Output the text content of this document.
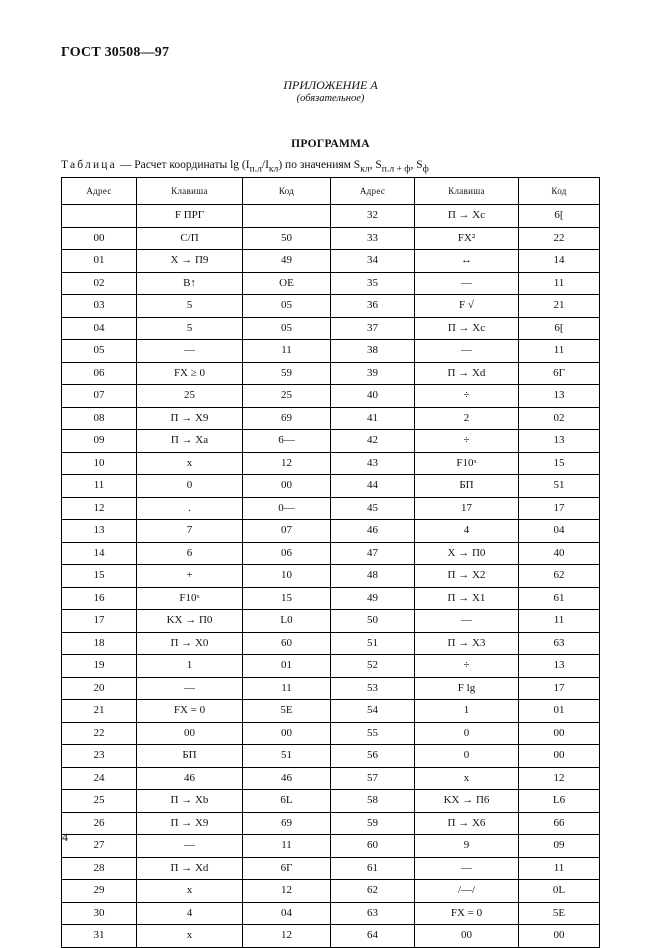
ГОСТ 30508—97
ПРИЛОЖЕНИЕ А
(обязательное)
ПРОГРАММА
Таблица — Расчет координаты $\lg (I_{п.л}/I_{кл})$ по значениям $S_{кл}$, $S_{п.л + ф}$, $S_ф$
Адрес	Клавиша	Код	Адрес	Клавиша	Код
	F ПРГ		32	П → Xc	6[
00	С/П	50	33	FX²	22
01	X → П9	49	34	↔	14
02	B↑	OE	35	—	11
03	5	05	36	F √	21
04	5	05	37	П → Xc	6[
05	—	11	38	—	11
06	FX ≥ 0	59	39	П → Xd	6Г
07	25	25	40	÷	13
08	П → X9	69	41	2	02
09	П → Xa	6—	42	÷	13
10	x	12	43	F10ˣ	15
11	0	00	44	БП	51
12	.	0—	45	17	17
13	7	07	46	4	04
14	6	06	47	X → П0	40
15	+	10	48	П → X2	62
16	F10ˣ	15	49	П → X1	61
17	KX → П0	L0	50	—	11
18	П → X0	60	51	П → X3	63
19	1	01	52	÷	13
20	—	11	53	F lg	17
21	FX = 0	5E	54	1	01
22	00	00	55	0	00
23	БП	51	56	0	00
24	46	46	57	x	12
25	П → Xb	6L	58	KX → П6	L6
26	П → X9	69	59	П → X6	66
27	—	11	60	9	09
28	П → Xd	6Г	61	—	11
29	x	12	62	/—/	0L
30	4	04	63	FX = 0	5E
31	x	12	64	00	00
4
